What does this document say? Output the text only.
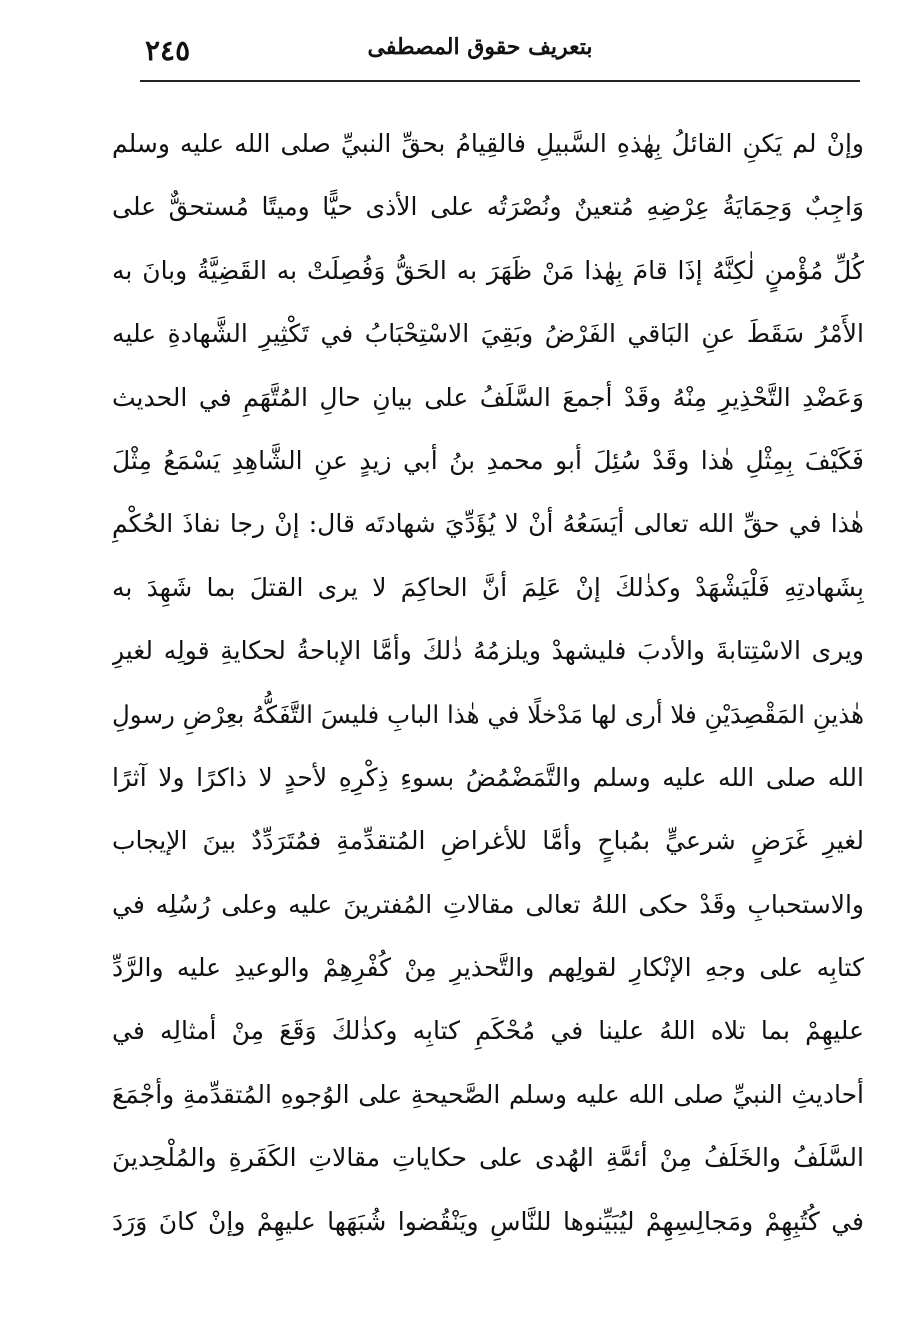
بتعريف حقوق المصطفى
٢٤٥
وإنْ لم يَكنِ القائلُ بِهٰذهِ السَّبيلِ فالقِيامُ بحقِّ النبيِّ صلى الله عليه وسلم
وَاجِبٌ وَحِمَايَةُ عِرْضِهِ مُتعينٌ ونُصْرَتُه على الأذى حيًّا وميتًا مُستحقٌّ على
كُلِّ مُؤْمنٍ لٰكِنَّهُ إذَا قامَ بِهٰذا مَنْ ظَهَرَ به الحَقُّ وَفُصِلَتْ به القَضِيَّةُ وبانَ به
الأَمْرُ سَقَطَ عنِ البَاقي الفَرْضُ وبَقِيَ الاسْتِحْبَابُ في تَكْثِيرِ الشَّهادةِ عليه
وَعَضْدِ التَّحْذِيرِ مِنْهُ وقَدْ أجمعَ السَّلَفُ على بيانِ حالِ المُتَّهَمِ في الحديث
فَكَيْفَ بِمِثْلِ هٰذا وقَدْ سُئِلَ أبو محمدِ بنُ أبي زيدٍ عنِ الشَّاهِدِ يَسْمَعُ مِثْلَ
هٰذا في حقِّ الله تعالى أيَسَعُهُ أنْ لا يُؤَدِّيَ شهادتَه قال: إنْ رجا نفاذَ الحُكْمِ
بِشَهادتِهِ فَلْيَشْهَدْ وكذٰلكَ إنْ عَلِمَ أنَّ الحاكِمَ لا يرى القتلَ بما شَهِدَ به
ويرى الاسْتِتابةَ والأدبَ فليشهدْ ويلزمُهُ ذٰلكَ وأمَّا الإباحةُ لحكايةِ قولِه لغيرِ
هٰذينِ المَقْصِدَيْنِ فلا أرى لها مَدْخلًا في هٰذا البابِ فليسَ التَّفَكُّهُ بعِرْضِ رسولِ
الله صلى الله عليه وسلم والتَّمَضْمُضُ بسوءِ ذِكْرِهِ لأحدٍ لا ذاكرًا ولا آثرًا
لغيرِ غَرَضٍ شرعيٍّ بمُباحٍ وأمَّا للأغراضِ المُتقدِّمةِ فمُتَرَدِّدٌ بينَ الإيجاب
والاستحبابِ وقَدْ حكى اللهُ تعالى مقالاتِ المُفترينَ عليه وعلى رُسُلِه في
كتابِه على وجهِ الإنْكارِ لقولِهم والتَّحذيرِ مِنْ كُفْرِهِمْ والوعيدِ عليه والرَّدِّ
عليهِمْ بما تلاه اللهُ علينا في مُحْكَمِ كتابِه وكذٰلكَ وَقَعَ مِنْ أمثالِه في
أحاديثِ النبيِّ صلى الله عليه وسلم الصَّحيحةِ على الوُجوهِ المُتقدِّمةِ وأجْمَعَ
السَّلَفُ والخَلَفُ مِنْ أئمَّةِ الهُدى على حكاياتِ مقالاتِ الكَفَرةِ والمُلْحِدينَ
في كُتُبِهِمْ ومَجالِسِهِمْ ليُبَيِّنوها للنَّاسِ ويَنْقُضوا شُبَهَها عليهِمْ وإنْ كانَ وَرَدَ
